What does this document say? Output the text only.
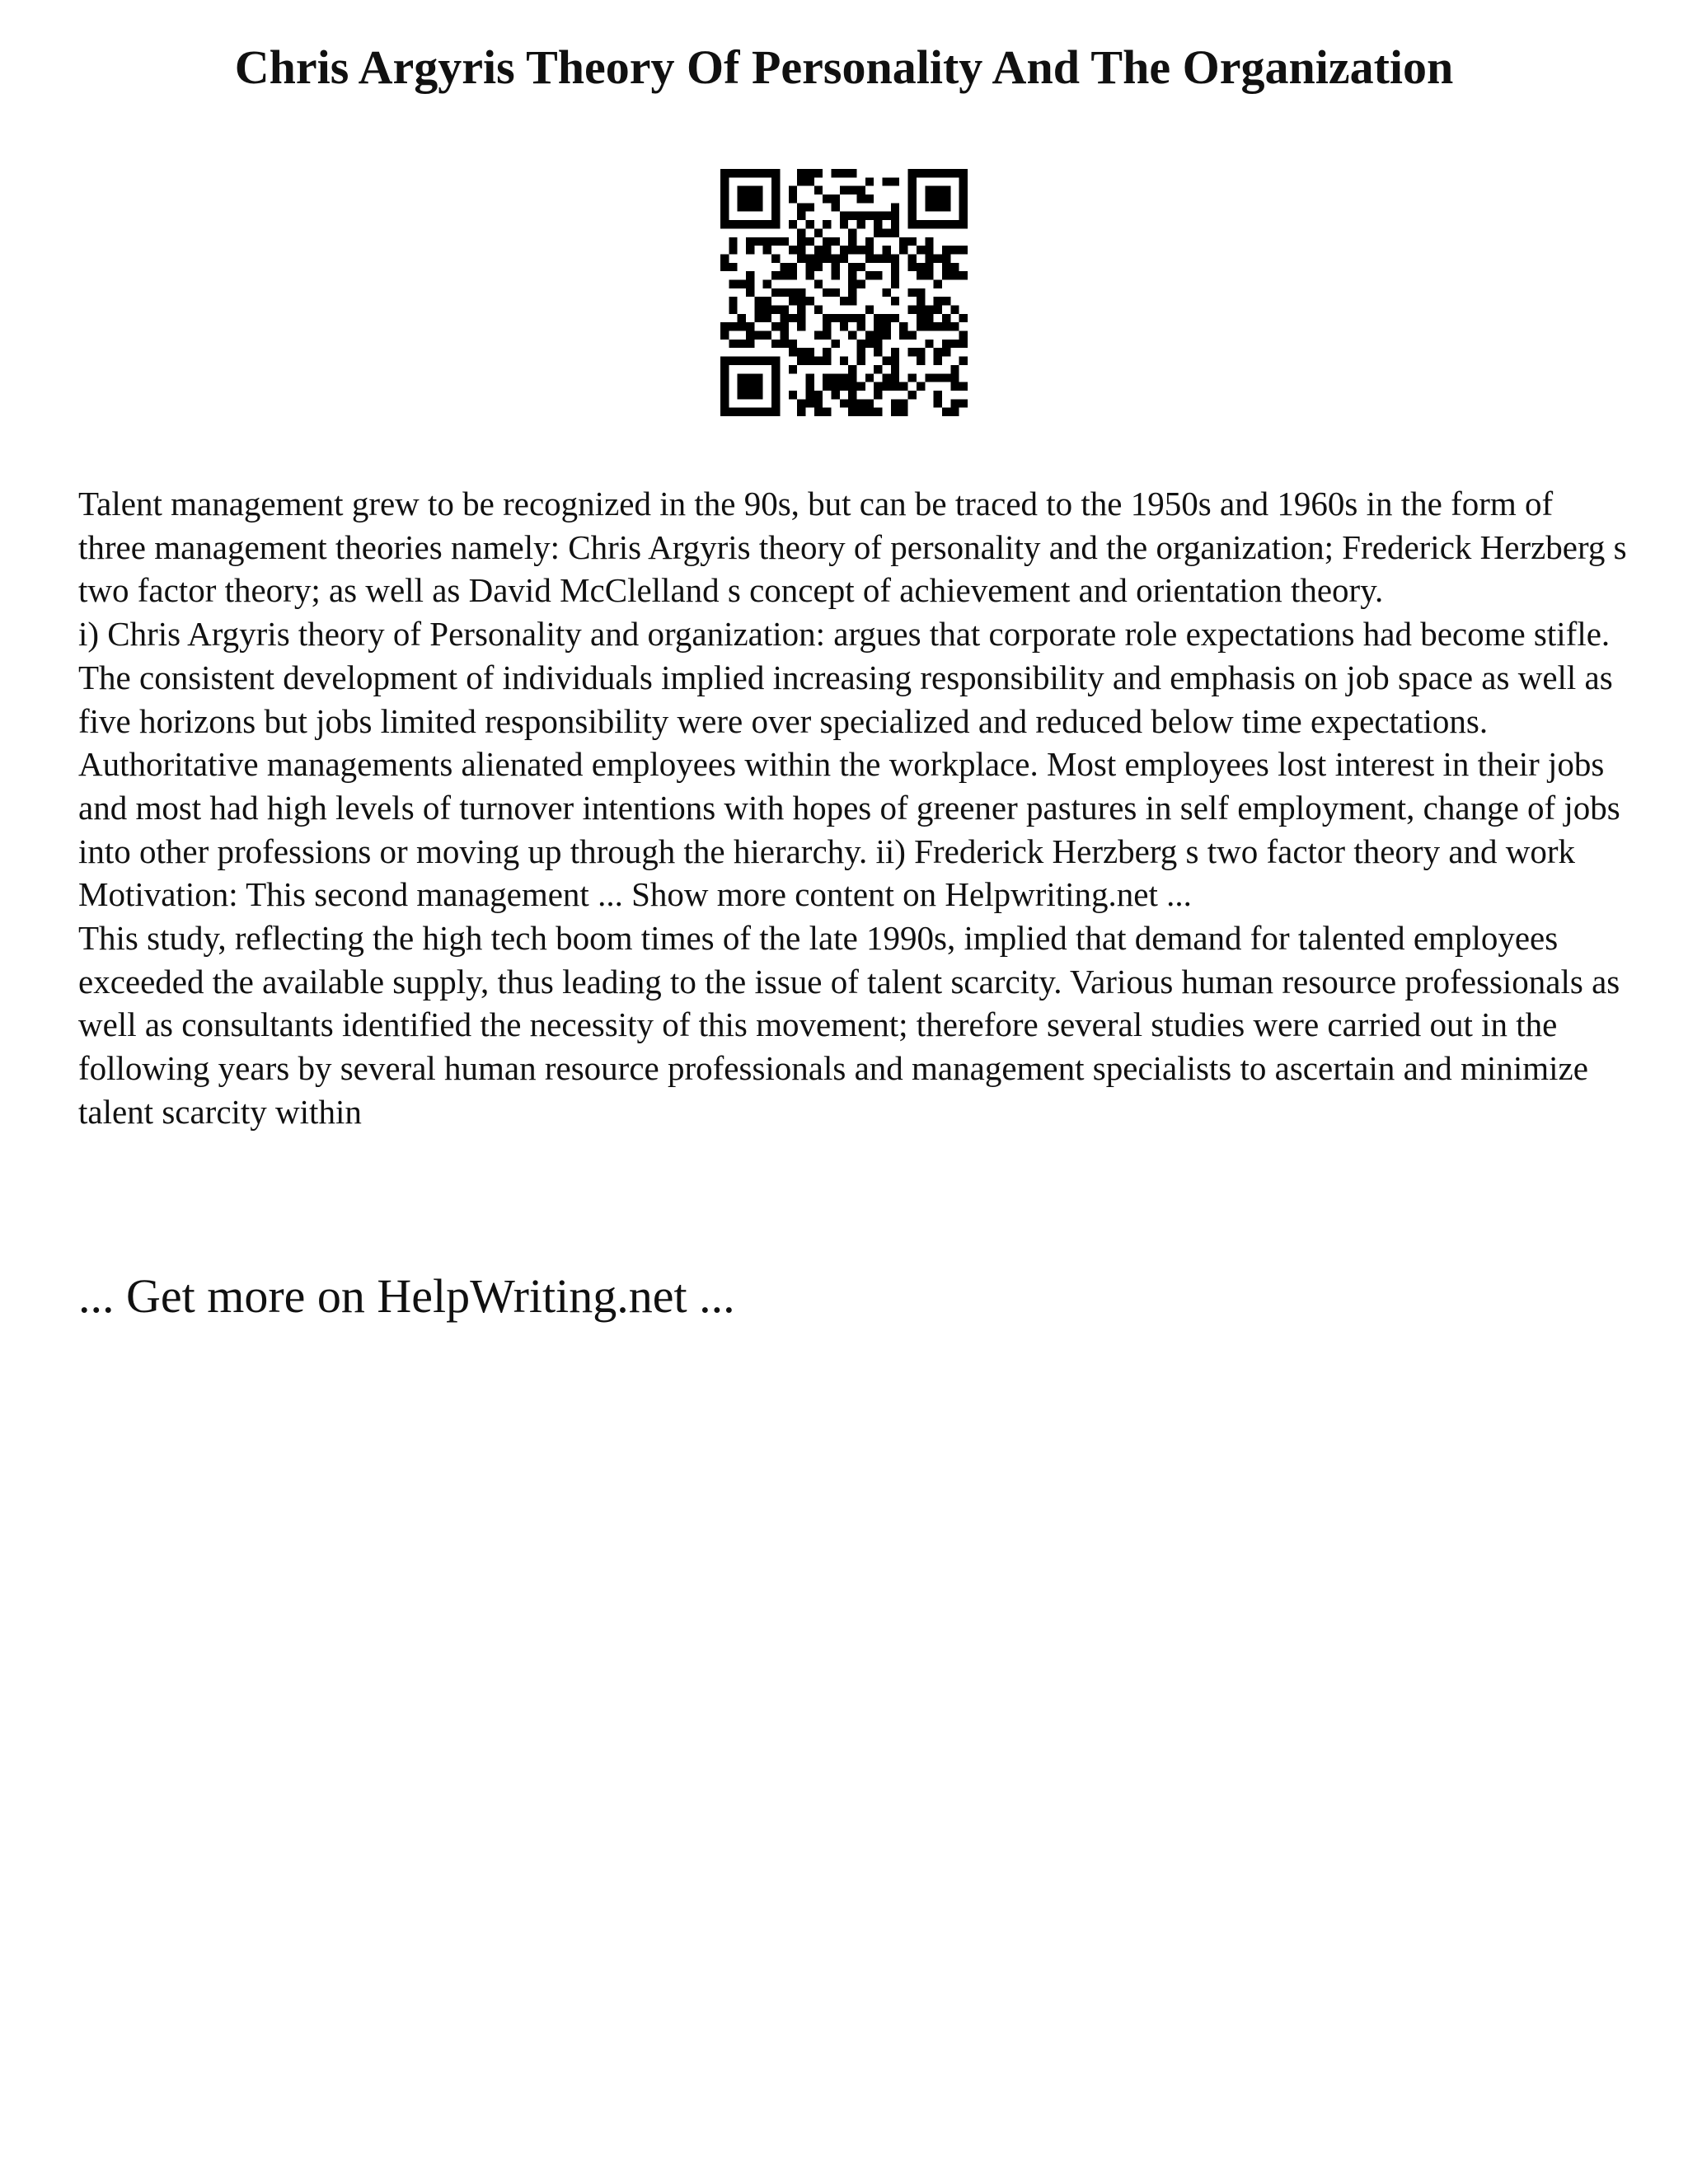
Chris Argyris Theory Of Personality And The Organization

Talent management grew to be recognized in the 90s, but can be traced to the 1950s and 1960s in the form of three management theories namely: Chris Argyris theory of personality and the organization; Frederick Herzberg s two factor theory; as well as David McClelland s concept of achievement and orientation theory.

i) Chris Argyris theory of Personality and organization: argues that corporate role expectations had become stifle. The consistent development of individuals implied increasing responsibility and emphasis on job space as well as five horizons but jobs limited responsibility were over specialized and reduced below time expectations. Authoritative managements alienated employees within the workplace. Most employees lost interest in their jobs and most had high levels of turnover intentions with hopes of greener pastures in self employment, change of jobs into other professions or moving up through the hierarchy. ii) Frederick Herzberg s two factor theory and work Motivation: This second management ... Show more content on Helpwriting.net ...

This study, reflecting the high tech boom times of the late 1990s, implied that demand for talented employees exceeded the available supply, thus leading to the issue of talent scarcity. Various human resource professionals as well as consultants identified the necessity of this movement; therefore several studies were carried out in the following years by several human resource professionals and management specialists to ascertain and minimize talent scarcity within

... Get more on HelpWriting.net ...
